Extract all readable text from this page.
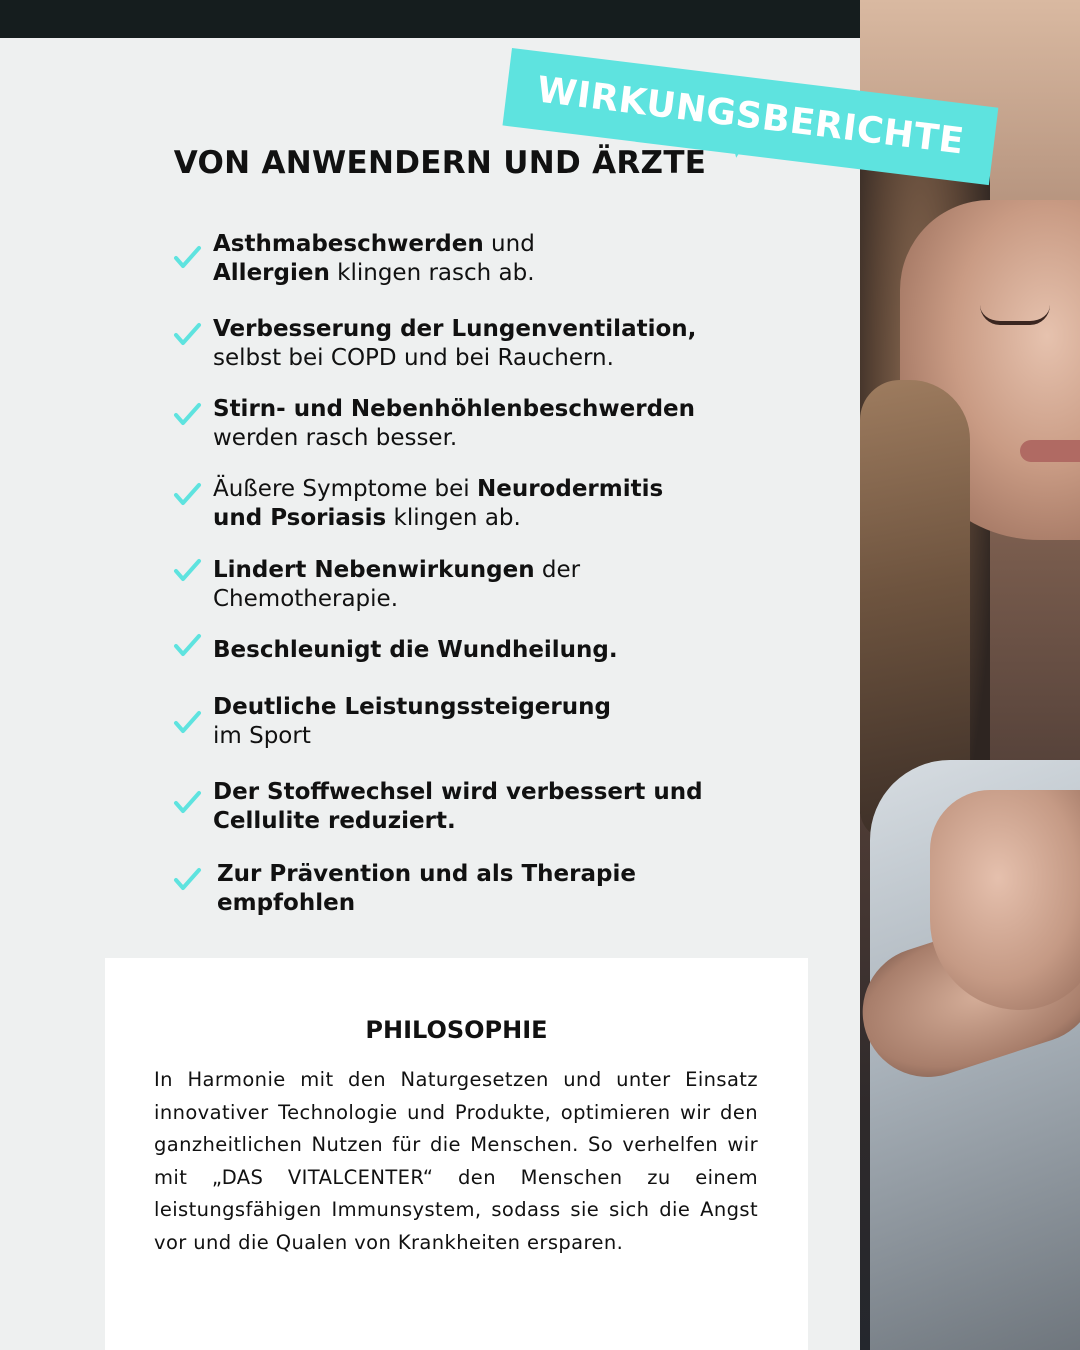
WIRKUNGSBERICHTE
VON ANWENDERN UND ÄRZTE
Asthmabeschwerden und
Allergien klingen rasch ab.
Verbesserung der Lungenventilation,
selbst bei COPD und bei Rauchern.
Stirn- und Nebenhöhlenbeschwerden
werden rasch besser.
Äußere Symptome bei Neurodermitis
und Psoriasis klingen ab.
Lindert Nebenwirkungen der
Chemotherapie.
Beschleunigt die Wundheilung.
Deutliche Leistungssteigerung
im Sport
Der Stoffwechsel wird verbessert und
Cellulite reduziert.
Zur Prävention und als Therapie
empfohlen
PHILOSOPHIE

In Harmonie mit den Naturgesetzen und unter Einsatz innovativer Technologie und Produkte, optimieren wir den ganzheitlichen Nutzen für die Menschen. So verhelfen wir mit „DAS VITALCENTER“ den Menschen zu einem leistungsfähigen Immunsystem, sodass sie sich die Angst vor und die Qualen von Krankheiten ersparen.
